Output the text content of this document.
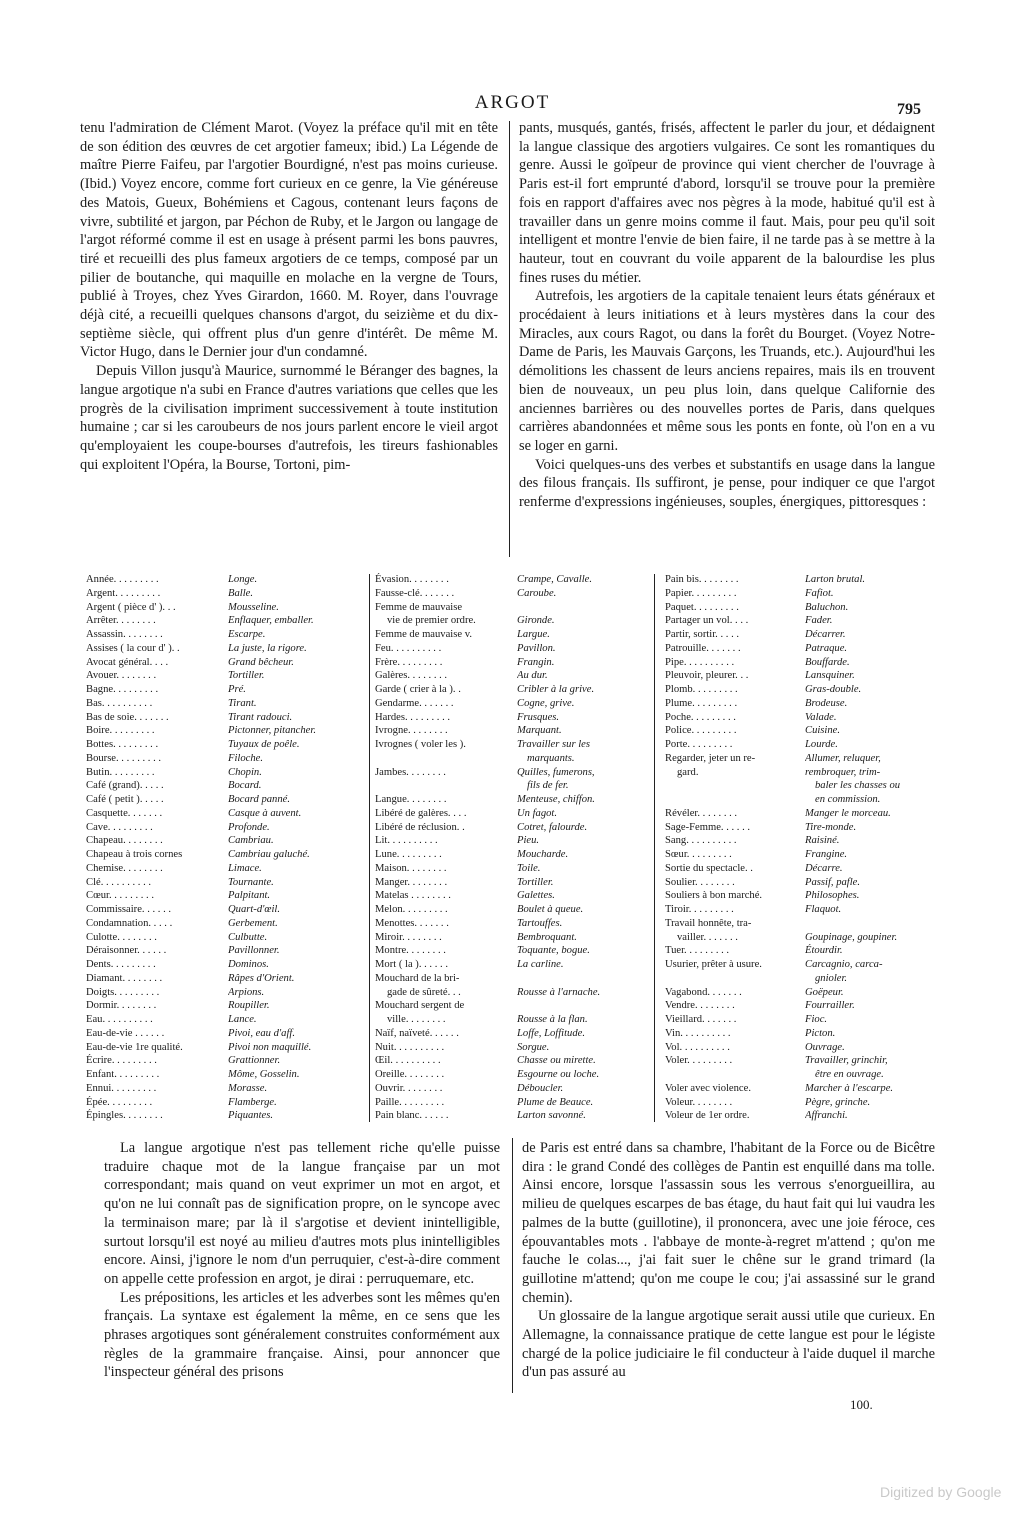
ARGOT	795

tenu l'admiration de Clément Marot. (Voyez la préface qu'il mit en tête de son édition des œuvres de cet argotier fameux; ibid.) La Légende de maître Pierre Faifeu, par l'argotier Bourdigné, n'est pas moins curieuse. (Ibid.) Voyez encore, comme fort curieux en ce genre, la Vie généreuse des Matois, Gueux, Bohémiens et Cagous, contenant leurs façons de vivre, subtilité et jargon, par Péchon de Ruby, et le Jargon ou langage de l'argot réformé comme il est en usage à présent parmi les bons pauvres, tiré et recueilli des plus fameux argotiers de ce temps, composé par un pilier de boutanche, qui maquille en molache en la vergne de Tours, publié à Troyes, chez Yves Girardon, 1660. M. Royer, dans l'ouvrage déjà cité, a recueilli quelques chansons d'argot, du seizième et du dix-septième siècle, qui offrent plus d'un genre d'intérêt. De même M. Victor Hugo, dans le Dernier jour d'un condamné.

Depuis Villon jusqu'à Maurice, surnommé le Béranger des bagnes, la langue argotique n'a subi en France d'autres variations que celles que les progrès de la civilisation impriment successivement à toute institution humaine ; car si les caroubeurs de nos jours parlent encore le vieil argot qu'employaient les coupe-bourses d'autrefois, les tireurs fashionables qui exploitent l'Opéra, la Bourse, Tortoni, pim-

pants, musqués, gantés, frisés, affectent le parler du jour, et dédaignent la langue classique des argotiers vulgaires. Ce sont les romantiques du genre. Aussi le goïpeur de province qui vient chercher de l'ouvrage à Paris est-il fort emprunté d'abord, lorsqu'il se trouve pour la première fois en rapport d'affaires avec nos pègres à la mode, habitué qu'il est à travailler dans un genre moins comme il faut. Mais, pour peu qu'il soit intelligent et montre l'envie de bien faire, il ne tarde pas à se mettre à la hauteur, tout en couvrant du voile apparent de la balourdise les plus fines ruses du métier.

Autrefois, les argotiers de la capitale tenaient leurs états généraux et procédaient à leurs initiations et à leurs mystères dans la cour des Miracles, aux cours Ragot, ou dans la forêt du Bourget. (Voyez Notre-Dame de Paris, les Mauvais Garçons, les Truands, etc.). Aujourd'hui les démolitions les chassent de leurs anciens repaires, mais ils en trouvent bien de nouveaux, un peu plus loin, dans quelque Californie des anciennes barrières ou des nouvelles portes de Paris, dans quelques carrières abandonnées et même sous les ponts en fonte, où l'on en a vu se loger en garni.

Voici quelques-uns des verbes et substantifs en usage dans la langue des filous français. Ils suffiront, je pense, pour indiquer ce que l'argot renferme d'expressions ingénieuses, souples, énergiques, pittoresques :

Année. . . . . . . . .	Longe.
Argent. . . . . . . . .	Balle.
Argent ( pièce d' ). . .	Mousseline.
Arrêter. . . . . . . .	Enflaquer, emballer.
Assassin. . . . . . . .	Escarpe.
Assises ( la cour d' ). .	La juste, la rigore.
Avocat général. . . .	Grand bêcheur.
Avouer. . . . . . . .	Tortiller.
Bagne. . . . . . . . .	Pré.
Bas. . . . . . . . . .	Tirant.
Bas de soie. . . . . . .	Tirant radouci.
Boire. . . . . . . . .	Pictonner, pitancher.
Bottes. . . . . . . . .	Tuyaux de poêle.
Bourse. . . . . . . . .	Filoche.
Butin. . . . . . . . .	Chopin.
Café (grand). . . . .	Bocard.
Café ( petit ). . . . .	Bocard panné.
Casquette. . . . . . .	Casque à auvent.
Cave. . . . . . . . .	Profonde.
Chapeau. . . . . . . .	Cambriau.
Chapeau à trois cornes	Cambriau galuché.
Chemise. . . . . . . .	Limace.
Clé. . . . . . . . . .	Tournante.
Cœur. . . . . . . . .	Palpitant.
Commissaire. . . . . .	Quart-d'œil.
Condamnation. . . . .	Gerbement.
Culotte. . . . . . . .	Culbutte.
Déraisonner. . . . . .	Pavillonner.
Dents. . . . . . . . .	Dominos.
Diamant. . . . . . . .	Râpes d'Orient.
Doigts. . . . . . . . .	Arpions.
Dormir. . . . . . . .	Roupiller.
Eau. . . . . . . . . .	Lance.
Eau-de-vie . . . . . .	Pivoi, eau d'aff.
Eau-de-vie 1re qualité.	Pivoi non maquillé.
Écrire. . . . . . . . .	Grattionner.
Enfant. . . . . . . . .	Môme, Gosselin.
Ennui. . . . . . . . .	Morasse.
Épée. . . . . . . . .	Flamberge.
Épingles. . . . . . . .	Piquantes.
Évasion. . . . . . . .	Crampe, Cavalle.
Fausse-clé. . . . . . .	Caroube.
Femme de mauvaise
vie de premier ordre.	Gironde.
Femme de mauvaise v.	Largue.
Feu. . . . . . . . . .	Pavillon.
Frère. . . . . . . . .	Frangin.
Galères. . . . . . . .	Au dur.
Garde ( crier à la ). .	Cribler à la grive.
Gendarme. . . . . . .	Cogne, grive.
Hardes. . . . . . . . .	Frusques.
Ivrogne. . . . . . . .	Marquant.
Ivrognes ( voler les ).	Travailler sur les
marquants.
Jambes. . . . . . . .	Quilles, fumerons,
fils de fer.
Langue. . . . . . . .	Menteuse, chiffon.
Libéré de galères. . . .	Un fagot.
Libéré de réclusion. .	Cotret, falourde.
Lit. . . . . . . . . .	Pieu.
Lune. . . . . . . . .	Moucharde.
Maison. . . . . . . .	Toile.
Manger. . . . . . . .	Tortiller.
Matelas . . . . . . . .	Galettes.
Melon. . . . . . . . .	Boulet à queue.
Menottes. . . . . . .	Tartouffes.
Miroir. . . . . . . .	Bembroquant.
Montre. . . . . . . .	Toquante, bogue.
Mort ( la ). . . . . .	La carline.
Mouchard de la bri-
gade de sûreté. . .	Rousse à l'arnache.
Mouchard sergent de
ville. . . . . . . .	Rousse à la flan.
Naïf, naïveté. . . . . .	Loffe, Loffitude.
Nuit. . . . . . . . . .	Sorgue.
Œil. . . . . . . . . .	Chasse ou mirette.
Oreille. . . . . . . .	Esgourne ou loche.
Ouvrir. . . . . . . .	Déboucler.
Paille. . . . . . . . .	Plume de Beauce.
Pain blanc. . . . . .	Larton savonné.
Pain bis. . . . . . . .	Larton brutal.
Papier. . . . . . . . .	Fafiot.
Paquet. . . . . . . . .	Baluchon.
Partager un vol. . . .	Fader.
Partir, sortir. . . . .	Décarrer.
Patrouille. . . . . . .	Patraque.
Pipe. . . . . . . . . .	Bouffarde.
Pleuvoir, pleurer. . .	Lansquiner.
Plomb. . . . . . . . .	Gras-double.
Plume. . . . . . . . .	Brodeuse.
Poche. . . . . . . . .	Valade.
Police. . . . . . . . .	Cuisine.
Porte. . . . . . . . .	Lourde.
Regarder, jeter un re-	Allumer, reluquer,
gard.	rembroquer, trim-
baler les chasses ou
en commission.
Révéler. . . . . . . .	Manger le morceau.
Sage-Femme. . . . . .	Tire-monde.
Sang. . . . . . . . . .	Raisiné.
Sœur. . . . . . . . .	Frangine.
Sortie du spectacle. .	Décarre.
Soulier. . . . . . . .	Passif, pafle.
Souliers à bon marché.	Philosophes.
Tiroir. . . . . . . . .	Flaquot.
Travail honnête, tra-
vailler. . . . . . .	Goupinage, goupiner.
Tuer. . . . . . . . .	Étourdir.
Usurier, prêter à usure.	Carcagnio, carca-
gnioler.
Vagabond. . . . . . .	Goëpeur.
Vendre. . . . . . . .	Fourrailler.
Vieillard. . . . . . .	Fioc.
Vin. . . . . . . . . .	Picton.
Vol. . . . . . . . . .	Ouvrage.
Voler. . . . . . . . .	Travailler, grinchir,
être en ouvrage.
Voler avec violence.	Marcher à l'escarpe.
Voleur. . . . . . . .	Pègre, grinche.
Voleur de 1er ordre.	Affranchi.

La langue argotique n'est pas tellement riche qu'elle puisse traduire chaque mot de la langue française par un mot correspondant; mais quand on veut exprimer un mot en argot, et qu'on ne lui connaît pas de signification propre, on le syncope avec la terminaison mare; par là il s'argotise et devient inintelligible, surtout lorsqu'il est noyé au milieu d'autres mots plus inintelligibles encore. Ainsi, j'ignore le nom d'un perruquier, c'est-à-dire comment on appelle cette profession en argot, je dirai : perruquemare, etc.

Les prépositions, les articles et les adverbes sont les mêmes qu'en français. La syntaxe est également la même, en ce sens que les phrases argotiques sont généralement construites conformément aux règles de la grammaire française. Ainsi, pour annoncer que l'inspecteur général des prisons

de Paris est entré dans sa chambre, l'habitant de la Force ou de Bicêtre dira : le grand Condé des collèges de Pantin est enquillé dans ma tolle. Ainsi encore, lorsque l'assassin sous les verrous s'enorgueillira, au milieu de quelques escarpes de bas étage, du haut fait qui lui vaudra les palmes de la butte (guillotine), il prononcera, avec une joie féroce, ces épouvantables mots . l'abbaye de monte-à-regret m'attend ; qu'on me fauche le colas..., j'ai fait suer le chêne sur le grand trimard (la guillotine m'attend; qu'on me coupe le cou; j'ai assassiné sur le grand chemin).

Un glossaire de la langue argotique serait aussi utile que curieux. En Allemagne, la connaissance pratique de cette langue est pour le légiste chargé de la police judiciaire le fil conducteur à l'aide duquel il marche d'un pas assuré au

100.
Digitized by Google
